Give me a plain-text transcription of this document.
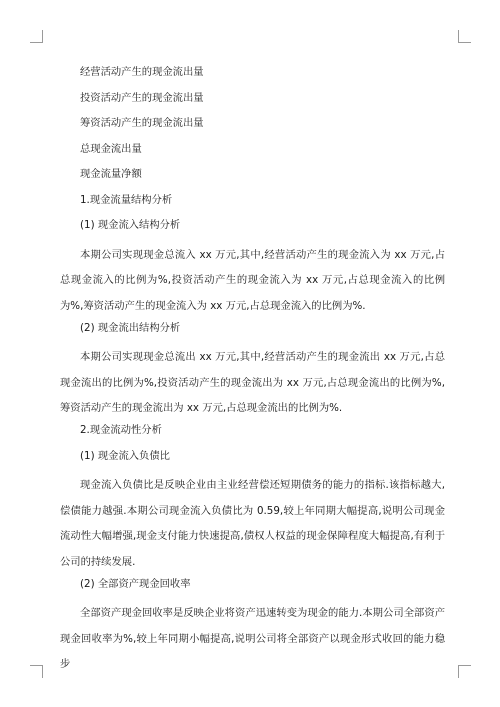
经营活动产生的现金流出量
投资活动产生的现金流出量
筹资活动产生的现金流出量
总现金流出量
现金流量净额
1.现金流量结构分析
(1) 现金流入结构分析

本期公司实现现金总流入 xx 万元,其中,经营活动产生的现金流入为 xx 万元,占总现金流入的比例为%,投资活动产生的现金流入为 xx 万元,占总现金流入的比例为%,筹资活动产生的现金流入为 xx 万元,占总现金流入的比例为%.

(2) 现金流出结构分析

本期公司实现现金总流出 xx 万元,其中,经营活动产生的现金流出 xx 万元,占总现金流出的比例为%,投资活动产生的现金流出为 xx 万元,占总现金流出的比例为%,筹资活动产生的现金流出为 xx 万元,占总现金流出的比例为%.

2.现金流动性分析
(1) 现金流入负债比

现金流入负债比是反映企业由主业经营偿还短期债务的能力的指标.该指标越大,偿债能力越强.本期公司现金流入负债比为 0.59,较上年同期大幅提高,说明公司现金流动性大幅增强,现金支付能力快速提高,债权人权益的现金保障程度大幅提高,有利于公司的持续发展.

(2) 全部资产现金回收率

全部资产现金回收率是反映企业将资产迅速转变为现金的能力.本期公司全部资产现金回收率为%,较上年同期小幅提高,说明公司将全部资产以现金形式收回的能力稳步
